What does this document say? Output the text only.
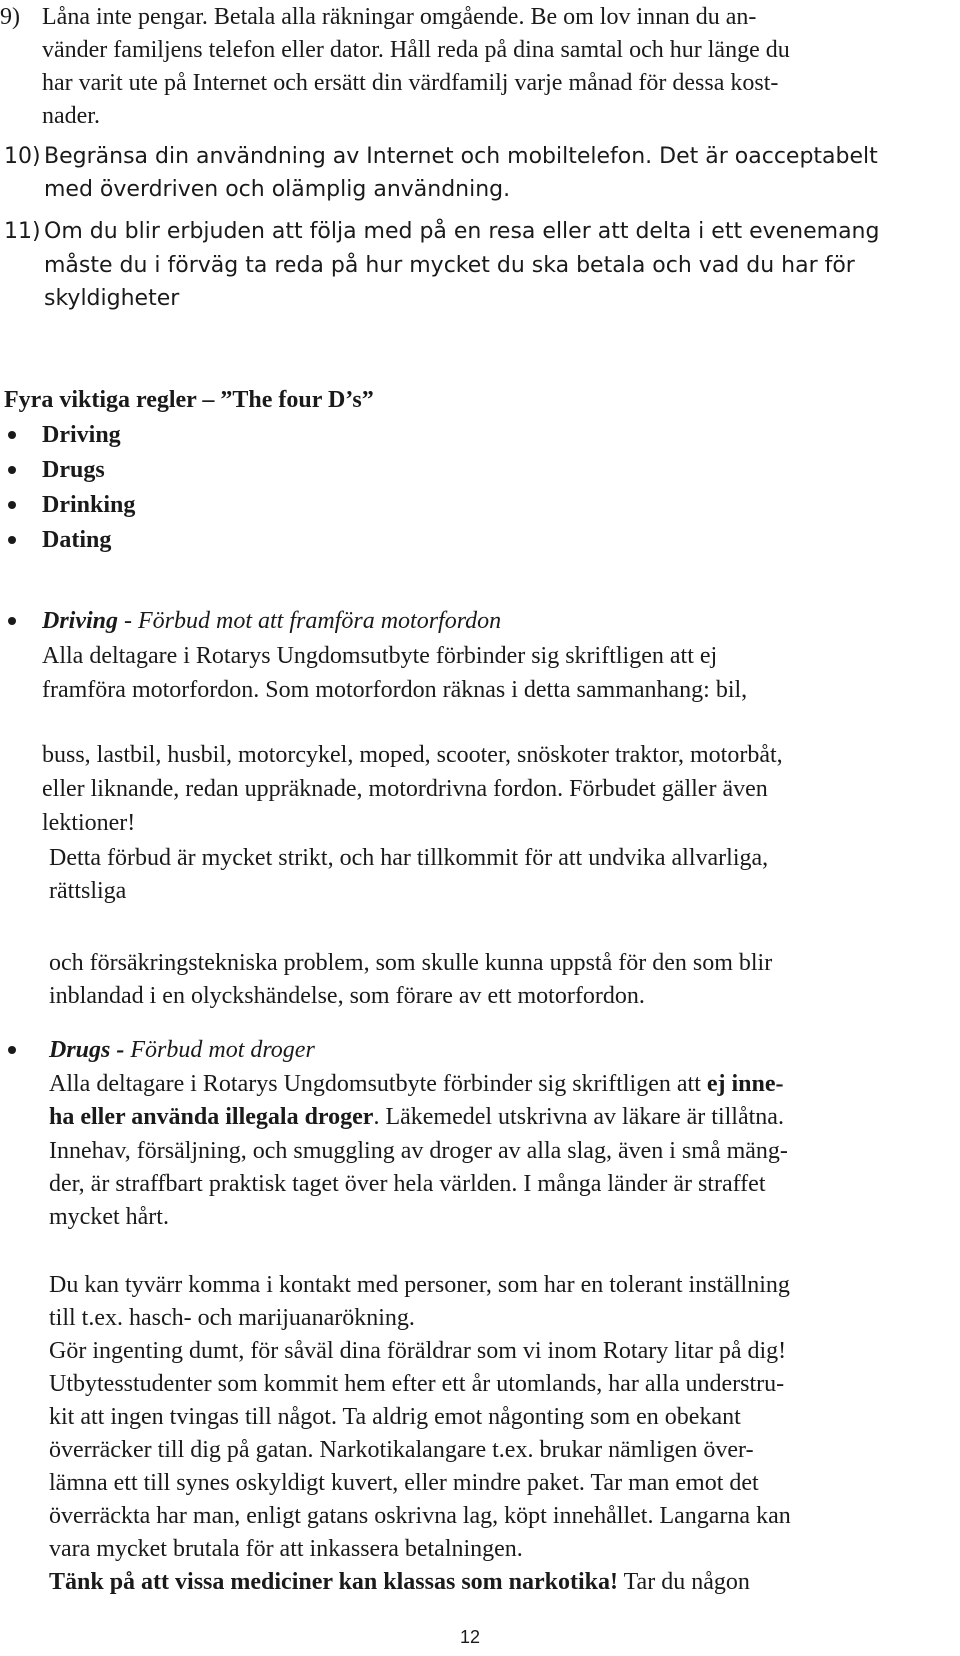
9) Låna inte pengar. Betala alla räkningar omgående. Be om lov innan du an-
vänder familjens telefon eller dator. Håll reda på dina samtal och hur länge du
har varit ute på Internet och ersätt din värdfamilj varje månad för dessa kost-
nader.
10) Begränsa din användning av Internet och mobiltelefon. Det är oacceptabelt
med överdriven och olämplig användning.
11) Om du blir erbjuden att följa med på en resa eller att delta i ett evenemang
måste du i förväg ta reda på hur mycket du ska betala och vad du har för
skyldigheter
Fyra viktiga regler – ”The four D’s”
Driving
Drugs
Drinking
Dating
Driving - Förbud mot att framföra motorfordon
Alla deltagare i Rotarys Ungdomsutbyte förbinder sig skriftligen att ej
framföra motorfordon. Som motorfordon räknas i detta sammanhang: bil,
buss, lastbil, husbil, motorcykel, moped, scooter, snöskoter traktor, motorbåt,
eller liknande, redan uppräknade, motordrivna fordon. Förbudet gäller även
lektioner!
Detta förbud är mycket strikt, och har tillkommit för att undvika allvarliga,
rättsliga
och försäkringstekniska problem, som skulle kunna uppstå för den som blir
inblandad i en olyckshändelse, som förare av ett motorfordon.
Drugs - Förbud mot droger
Alla deltagare i Rotarys Ungdomsutbyte förbinder sig skriftligen att ej inne-
ha eller använda illegala droger. Läkemedel utskrivna av läkare är tillåtna.
Innehav, försäljning, och smuggling av droger av alla slag, även i små mäng-
der, är straffbart praktisk taget över hela världen. I många länder är straffet
mycket hårt.
Du kan tyvärr komma i kontakt med personer, som har en tolerant inställning
till t.ex. hasch- och marijuanarökning.
Gör ingenting dumt, för såväl dina föräldrar som vi inom Rotary litar på dig!
Utbytesstudenter som kommit hem efter ett år utomlands, har alla understru-
kit att ingen tvingas till något. Ta aldrig emot någonting som en obekant
överräcker till dig på gatan. Narkotikalangare t.ex. brukar nämligen över-
lämna ett till synes oskyldigt kuvert, eller mindre paket. Tar man emot det
överräckta har man, enligt gatans oskrivna lag, köpt innehållet. Langarna kan
vara mycket brutala för att inkassera betalningen.
Tänk på att vissa mediciner kan klassas som narkotika! Tar du någon
12
